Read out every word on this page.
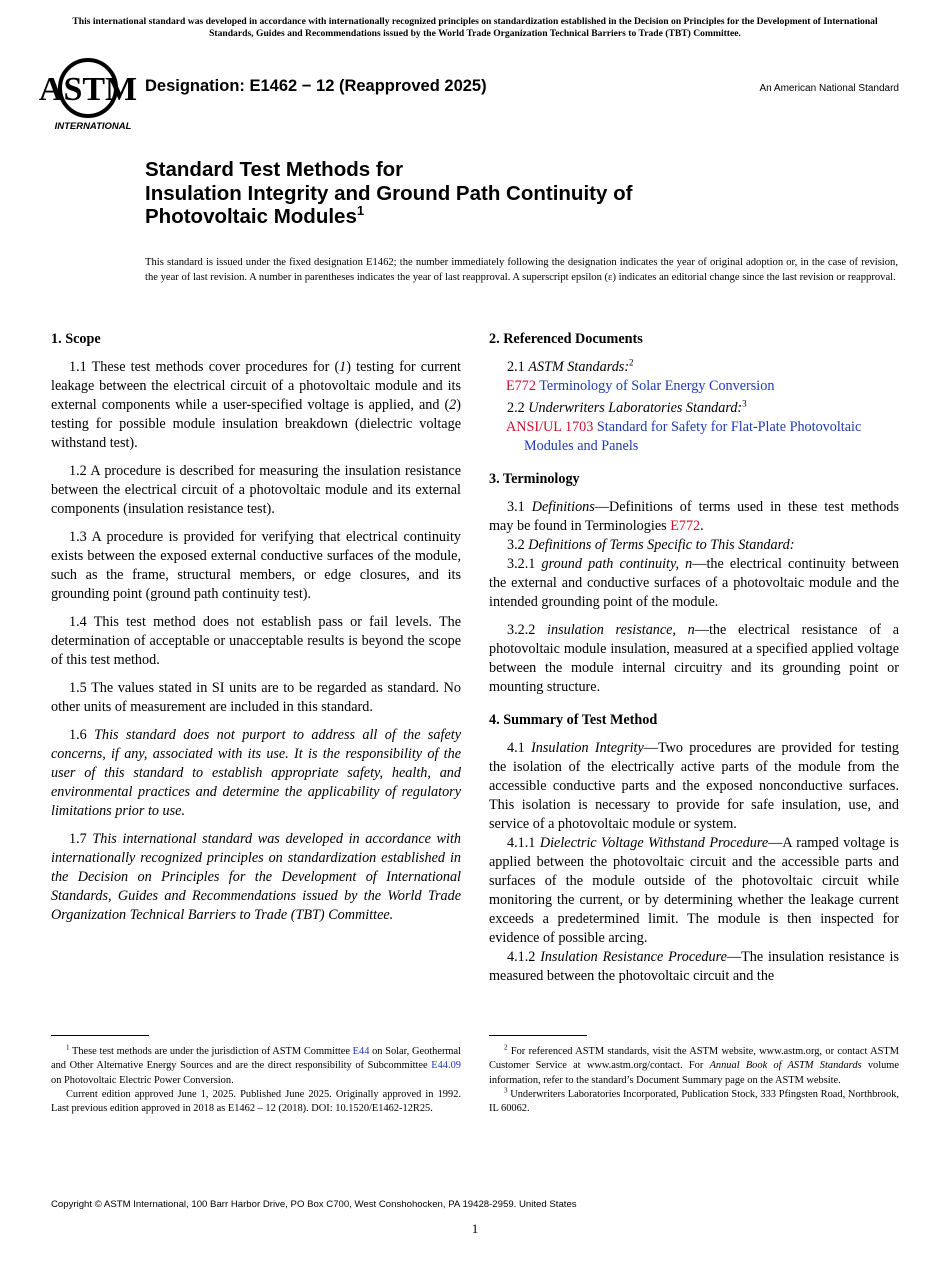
This international standard was developed in accordance with internationally recognized principles on standardization established in the Decision on Principles for the Development of International Standards, Guides and Recommendations issued by the World Trade Organization Technical Barriers to Trade (TBT) Committee.
ASTM
INTERNATIONAL
Designation: E1462 − 12 (Reapproved 2025)	An American National Standard
Standard Test Methods for
Insulation Integrity and Ground Path Continuity of
Photovoltaic Modules$^1$
This standard is issued under the fixed designation E1462; the number immediately following the designation indicates the year of original adoption or, in the case of revision, the year of last revision. A number in parentheses indicates the year of last reapproval. A superscript epsilon (ε) indicates an editorial change since the last revision or reapproval.
1. Scope

1.1 These test methods cover procedures for (1) testing for current leakage between the electrical circuit of a photovoltaic module and its external components while a user-specified voltage is applied, and (2) testing for possible module insulation breakdown (dielectric voltage withstand test).

1.2 A procedure is described for measuring the insulation resistance between the electrical circuit of a photovoltaic module and its external components (insulation resistance test).

1.3 A procedure is provided for verifying that electrical continuity exists between the exposed external conductive surfaces of the module, such as the frame, structural members, or edge closures, and its grounding point (ground path continuity test).

1.4 This test method does not establish pass or fail levels. The determination of acceptable or unacceptable results is beyond the scope of this test method.

1.5 The values stated in SI units are to be regarded as standard. No other units of measurement are included in this standard.

1.6 This standard does not purport to address all of the safety concerns, if any, associated with its use. It is the responsibility of the user of this standard to establish appropriate safety, health, and environmental practices and determine the applicability of regulatory limitations prior to use.

1.7 This international standard was developed in accordance with internationally recognized principles on standardization established in the Decision on Principles for the Development of International Standards, Guides and Recommendations issued by the World Trade Organization Technical Barriers to Trade (TBT) Committee.

2. Referenced Documents

2.1 ASTM Standards:$^2$

E772 Terminology of Solar Energy Conversion

2.2 Underwriters Laboratories Standard:$^3$

ANSI/UL 1703 Standard for Safety for Flat-Plate Photovoltaic Modules and Panels

3. Terminology

3.1 Definitions—Definitions of terms used in these test methods may be found in Terminologies E772.

3.2 Definitions of Terms Specific to This Standard:

3.2.1 ground path continuity, n—the electrical continuity between the external and conductive surfaces of a photovoltaic module and the intended grounding point of the module.

3.2.2 insulation resistance, n—the electrical resistance of a photovoltaic module insulation, measured at a specified applied voltage between the module internal circuitry and its grounding point or mounting structure.

4. Summary of Test Method

4.1 Insulation Integrity—Two procedures are provided for testing the isolation of the electrically active parts of the module from the accessible conductive parts and the exposed nonconductive surfaces. This isolation is necessary to provide for safe insulation, use, and service of a photovoltaic module or system.

4.1.1 Dielectric Voltage Withstand Procedure—A ramped voltage is applied between the photovoltaic circuit and the accessible parts and surfaces of the module outside of the photovoltaic circuit while monitoring the current, or by determining whether the leakage current exceeds a predetermined limit. The module is then inspected for evidence of possible arcing.

4.1.2 Insulation Resistance Procedure—The insulation resistance is measured between the photovoltaic circuit and the

$^1$ These test methods are under the jurisdiction of ASTM Committee E44 on Solar, Geothermal and Other Alternative Energy Sources and are the direct responsibility of Subcommittee E44.09 on Photovoltaic Electric Power Conversion.

Current edition approved June 1, 2025. Published June 2025. Originally approved in 1992. Last previous edition approved in 2018 as E1462 – 12 (2018). DOI: 10.1520/E1462-12R25.

$^2$ For referenced ASTM standards, visit the ASTM website, www.astm.org, or contact ASTM Customer Service at www.astm.org/contact. For Annual Book of ASTM Standards volume information, refer to the standard’s Document Summary page on the ASTM website.

$^3$ Underwriters Laboratories Incorporated, Publication Stock, 333 Pfingsten Road, Northbrook, IL 60062.

Copyright © ASTM International, 100 Barr Harbor Drive, PO Box C700, West Conshohocken, PA 19428-2959. United States
1
